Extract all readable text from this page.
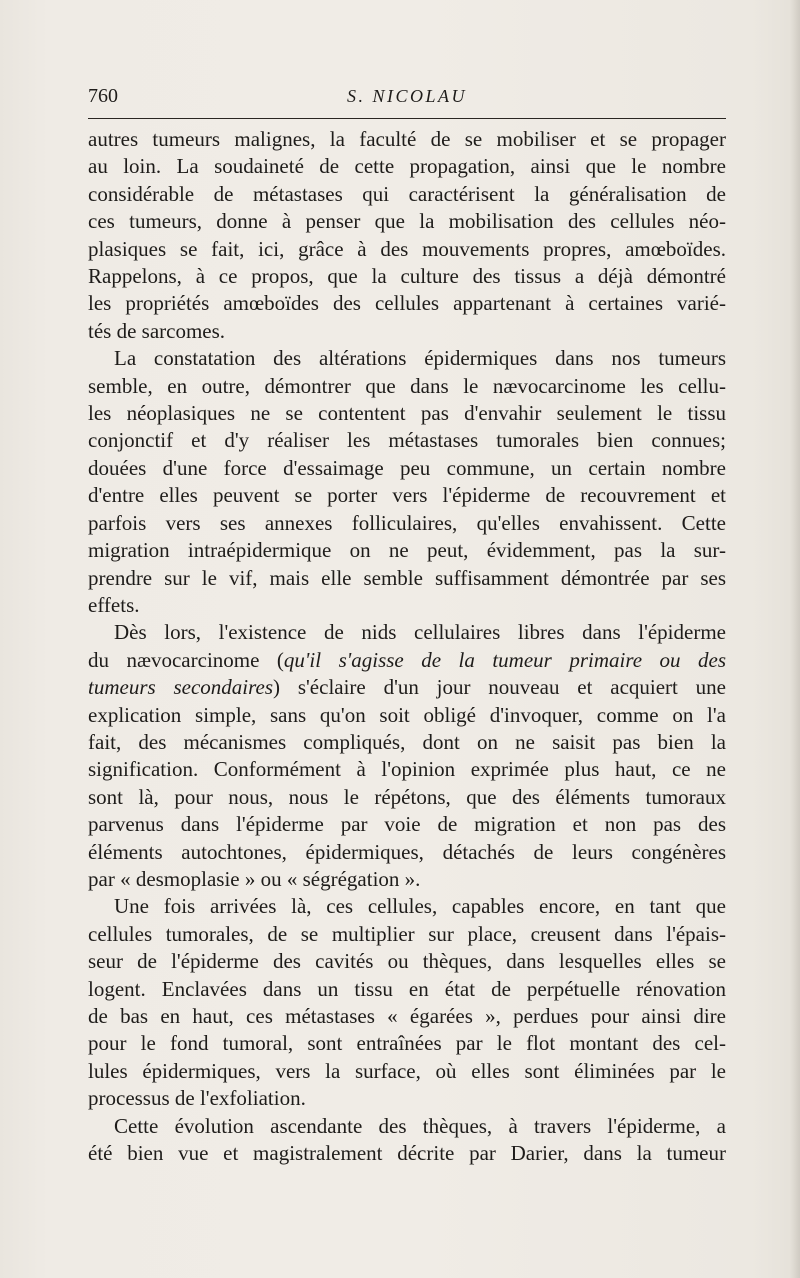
760	S. NICOLAU

autres tumeurs malignes, la faculté de se mobiliser et se propager

au loin. La soudaineté de cette propagation, ainsi que le nombre

considérable de métastases qui caractérisent la généralisation de

ces tumeurs, donne à penser que la mobilisation des cellules néo-

plasiques se fait, ici, grâce à des mouvements propres, amœboïdes.

Rappelons, à ce propos, que la culture des tissus a déjà démontré

les propriétés amœboïdes des cellules appartenant à certaines varié-

tés de sarcomes.

La constatation des altérations épidermiques dans nos tumeurs

semble, en outre, démontrer que dans le nævocarcinome les cellu-

les néoplasiques ne se contentent pas d'envahir seulement le tissu

conjonctif et d'y réaliser les métastases tumorales bien connues;

douées d'une force d'essaimage peu commune, un certain nombre

d'entre elles peuvent se porter vers l'épiderme de recouvrement et

parfois vers ses annexes folliculaires, qu'elles envahissent. Cette

migration intraépidermique on ne peut, évidemment, pas la sur-

prendre sur le vif, mais elle semble suffisamment démontrée par ses

effets.

Dès lors, l'existence de nids cellulaires libres dans l'épiderme

du nævocarcinome (qu'il s'agisse de la tumeur primaire ou des

tumeurs secondaires) s'éclaire d'un jour nouveau et acquiert une

explication simple, sans qu'on soit obligé d'invoquer, comme on l'a

fait, des mécanismes compliqués, dont on ne saisit pas bien la

signification. Conformément à l'opinion exprimée plus haut, ce ne

sont là, pour nous, nous le répétons, que des éléments tumoraux

parvenus dans l'épiderme par voie de migration et non pas des

éléments autochtones, épidermiques, détachés de leurs congénères

par « desmoplasie » ou « ségrégation ».

Une fois arrivées là, ces cellules, capables encore, en tant que

cellules tumorales, de se multiplier sur place, creusent dans l'épais-

seur de l'épiderme des cavités ou thèques, dans lesquelles elles se

logent. Enclavées dans un tissu en état de perpétuelle rénovation

de bas en haut, ces métastases « égarées », perdues pour ainsi dire

pour le fond tumoral, sont entraînées par le flot montant des cel-

lules épidermiques, vers la surface, où elles sont éliminées par le

processus de l'exfoliation.

Cette évolution ascendante des thèques, à travers l'épiderme, a

été bien vue et magistralement décrite par Darier, dans la tumeur
